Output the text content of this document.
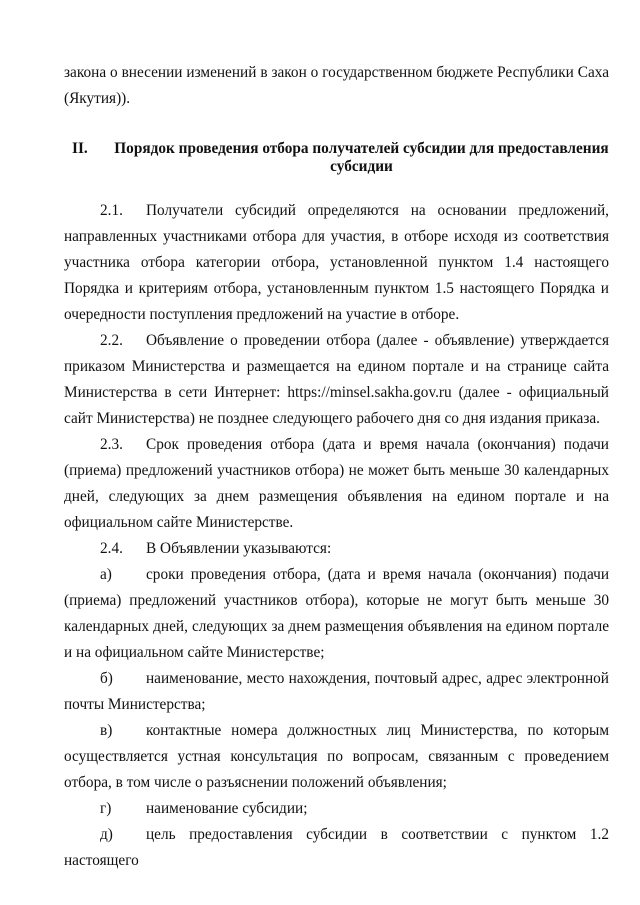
закона о внесении изменений в закон о государственном бюджете Республики Саха (Якутия)).

II.	Порядок проведения отбора получателей субсидии для предоставления субсидии

2.1. Получатели субсидий определяются на основании предложений, направленных участниками отбора для участия, в отборе исходя из соответствия участника отбора категории отбора, установленной пунктом 1.4 настоящего Порядка и критериям отбора, установленным пунктом 1.5 настоящего Порядка и очередности поступления предложений на участие в отборе.

2.2. Объявление о проведении отбора (далее - объявление) утверждается приказом Министерства и размещается на едином портале и на странице сайта Министерства в сети Интернет: https://minsel.sakha.gov.ru (далее - официальный сайт Министерства) не позднее следующего рабочего дня со дня издания приказа.

2.3. Срок проведения отбора (дата и время начала (окончания) подачи (приема) предложений участников отбора) не может быть меньше 30 календарных дней, следующих за днем размещения объявления на едином портале и на официальном сайте Министерстве.

2.4. В Объявлении указываются:

а) сроки проведения отбора, (дата и время начала (окончания) подачи (приема) предложений участников отбора), которые не могут быть меньше 30 календарных дней, следующих за днем размещения объявления на едином портале и на официальном сайте Министерстве;

б) наименование, место нахождения, почтовый адрес, адрес электронной почты Министерства;

в) контактные номера должностных лиц Министерства, по которым осуществляется устная консультация по вопросам, связанным с проведением отбора, в том числе о разъяснении положений объявления;

г) наименование субсидии;

д) цель предоставления субсидии в соответствии с пунктом 1.2 настоящего
